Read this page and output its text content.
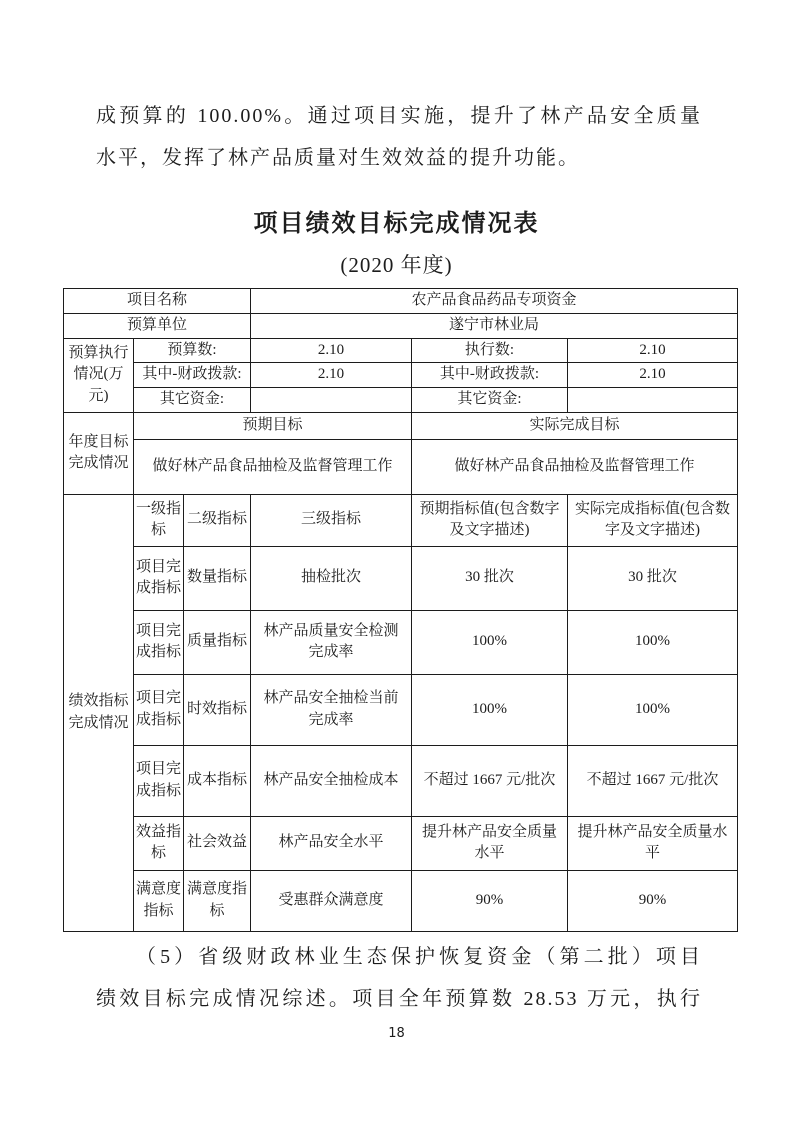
成预算的 100.00%。通过项目实施，提升了林产品安全质量
水平，发挥了林产品质量对生效效益的提升功能。
项目绩效目标完成情况表
(2020 年度)
项目名称			农产品食品药品专项资金		
预算单位			遂宁市林业局		
预算执行情况(万元)	预算数:		2.10	执行数:	2.10
	其中-财政拨款:		2.10	其中-财政拨款:	2.10
	其它资金:			其它资金:	
年度目标完成情况	预期目标			实际完成目标	
	做好林产品食品抽检及监督管理工作			做好林产品食品抽检及监督管理工作	
绩效指标完成情况	一级指标	二级指标	三级指标	预期指标值(包含数字及文字描述)	实际完成指标值(包含数字及文字描述)
	项目完成指标	数量指标	抽检批次	30 批次	30 批次
	项目完成指标	质量指标	林产品质量安全检测完成率	100%	100%
	项目完成指标	时效指标	林产品安全抽检当前完成率	100%	100%
	项目完成指标	成本指标	林产品安全抽检成本	不超过 1667 元/批次	不超过 1667 元/批次
	效益指标	社会效益	林产品安全水平	提升林产品安全质量水平	提升林产品安全质量水平
	满意度指标	满意度指标	受惠群众满意度	90%	90%
（5）省级财政林业生态保护恢复资金（第二批）项目
绩效目标完成情况综述。项目全年预算数 28.53 万元，执行
18
